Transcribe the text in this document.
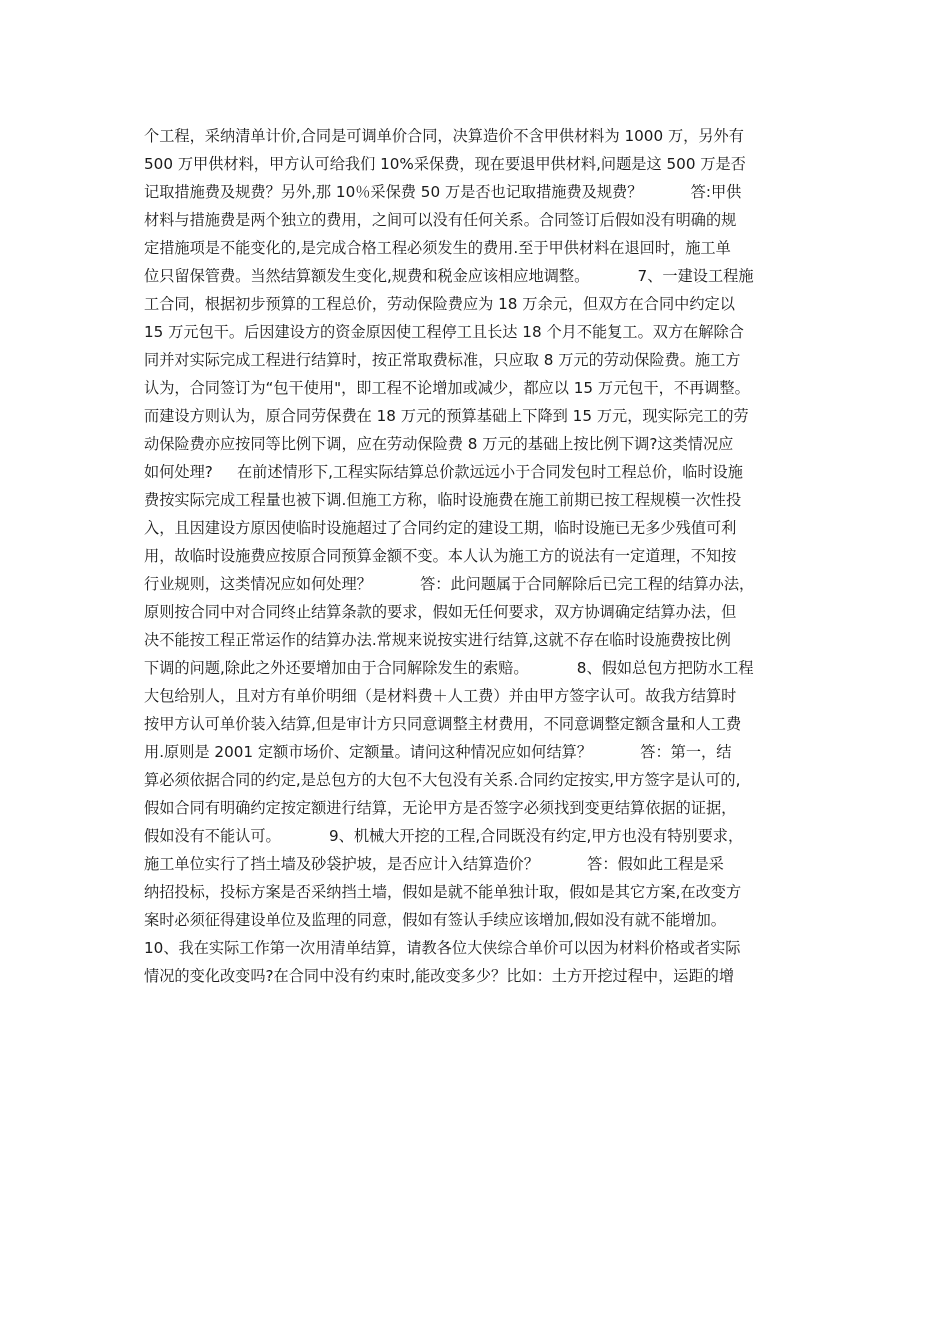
个工程，采纳清单计价,合同是可调单价合同，决算造价不含甲供材料为 1000 万，另外有
500 万甲供材料，甲方认可给我们 10%采保费，现在要退甲供材料,问题是这 500 万是否
记取措施费及规费？另外,那 10％采保费 50 万是否也记取措施费及规费？          答:甲供
材料与措施费是两个独立的费用，之间可以没有任何关系。合同签订后假如没有明确的规
定措施项是不能变化的,是完成合格工程必须发生的费用.至于甲供材料在退回时，施工单
位只留保管费。当然结算额发生变化,规费和税金应该相应地调整。          7、一建设工程施
工合同，根据初步预算的工程总价，劳动保险费应为 18 万余元，但双方在合同中约定以
15 万元包干。后因建设方的资金原因使工程停工且长达 18 个月不能复工。双方在解除合
同并对实际完成工程进行结算时，按正常取费标准，只应取 8 万元的劳动保险费。施工方
认为，合同签订为“包干使用"，即工程不论增加或减少，都应以 15 万元包干，不再调整。
而建设方则认为，原合同劳保费在 18 万元的预算基础上下降到 15 万元，现实际完工的劳
动保险费亦应按同等比例下调，应在劳动保险费 8 万元的基础上按比例下调?这类情况应
如何处理?     在前述情形下,工程实际结算总价款远远小于合同发包时工程总价，临时设施
费按实际完成工程量也被下调.但施工方称，临时设施费在施工前期已按工程规模一次性投
入，且因建设方原因使临时设施超过了合同约定的建设工期，临时设施已无多少残值可利
用，故临时设施费应按原合同预算金额不变。本人认为施工方的说法有一定道理，不知按
行业规则，这类情况应如何处理？          答：此问题属于合同解除后已完工程的结算办法，
原则按合同中对合同终止结算条款的要求，假如无任何要求，双方协调确定结算办法，但
决不能按工程正常运作的结算办法.常规来说按实进行结算,这就不存在临时设施费按比例
下调的问题,除此之外还要增加由于合同解除发生的索赔。          8、假如总包方把防水工程
大包给别人，且对方有单价明细（是材料费＋人工费）并由甲方签字认可。故我方结算时
按甲方认可单价装入结算,但是审计方只同意调整主材费用，不同意调整定额含量和人工费
用.原则是 2001 定额市场价、定额量。请问这种情况应如何结算？          答：第一，结
算必须依据合同的约定,是总包方的大包不大包没有关系.合同约定按实,甲方签字是认可的,
假如合同有明确约定按定额进行结算，无论甲方是否签字必须找到变更结算依据的证据，
假如没有不能认可。          9、机械大开挖的工程,合同既没有约定,甲方也没有特别要求，
施工单位实行了挡土墙及砂袋护坡，是否应计入结算造价？          答：假如此工程是采
纳招投标，投标方案是否采纳挡土墙，假如是就不能单独计取，假如是其它方案,在改变方
案时必须征得建设单位及监理的同意，假如有签认手续应该增加,假如没有就不能增加。
10、我在实际工作第一次用清单结算，请教各位大侠综合单价可以因为材料价格或者实际
情况的变化改变吗?在合同中没有约束时,能改变多少？比如：土方开挖过程中，运距的增
